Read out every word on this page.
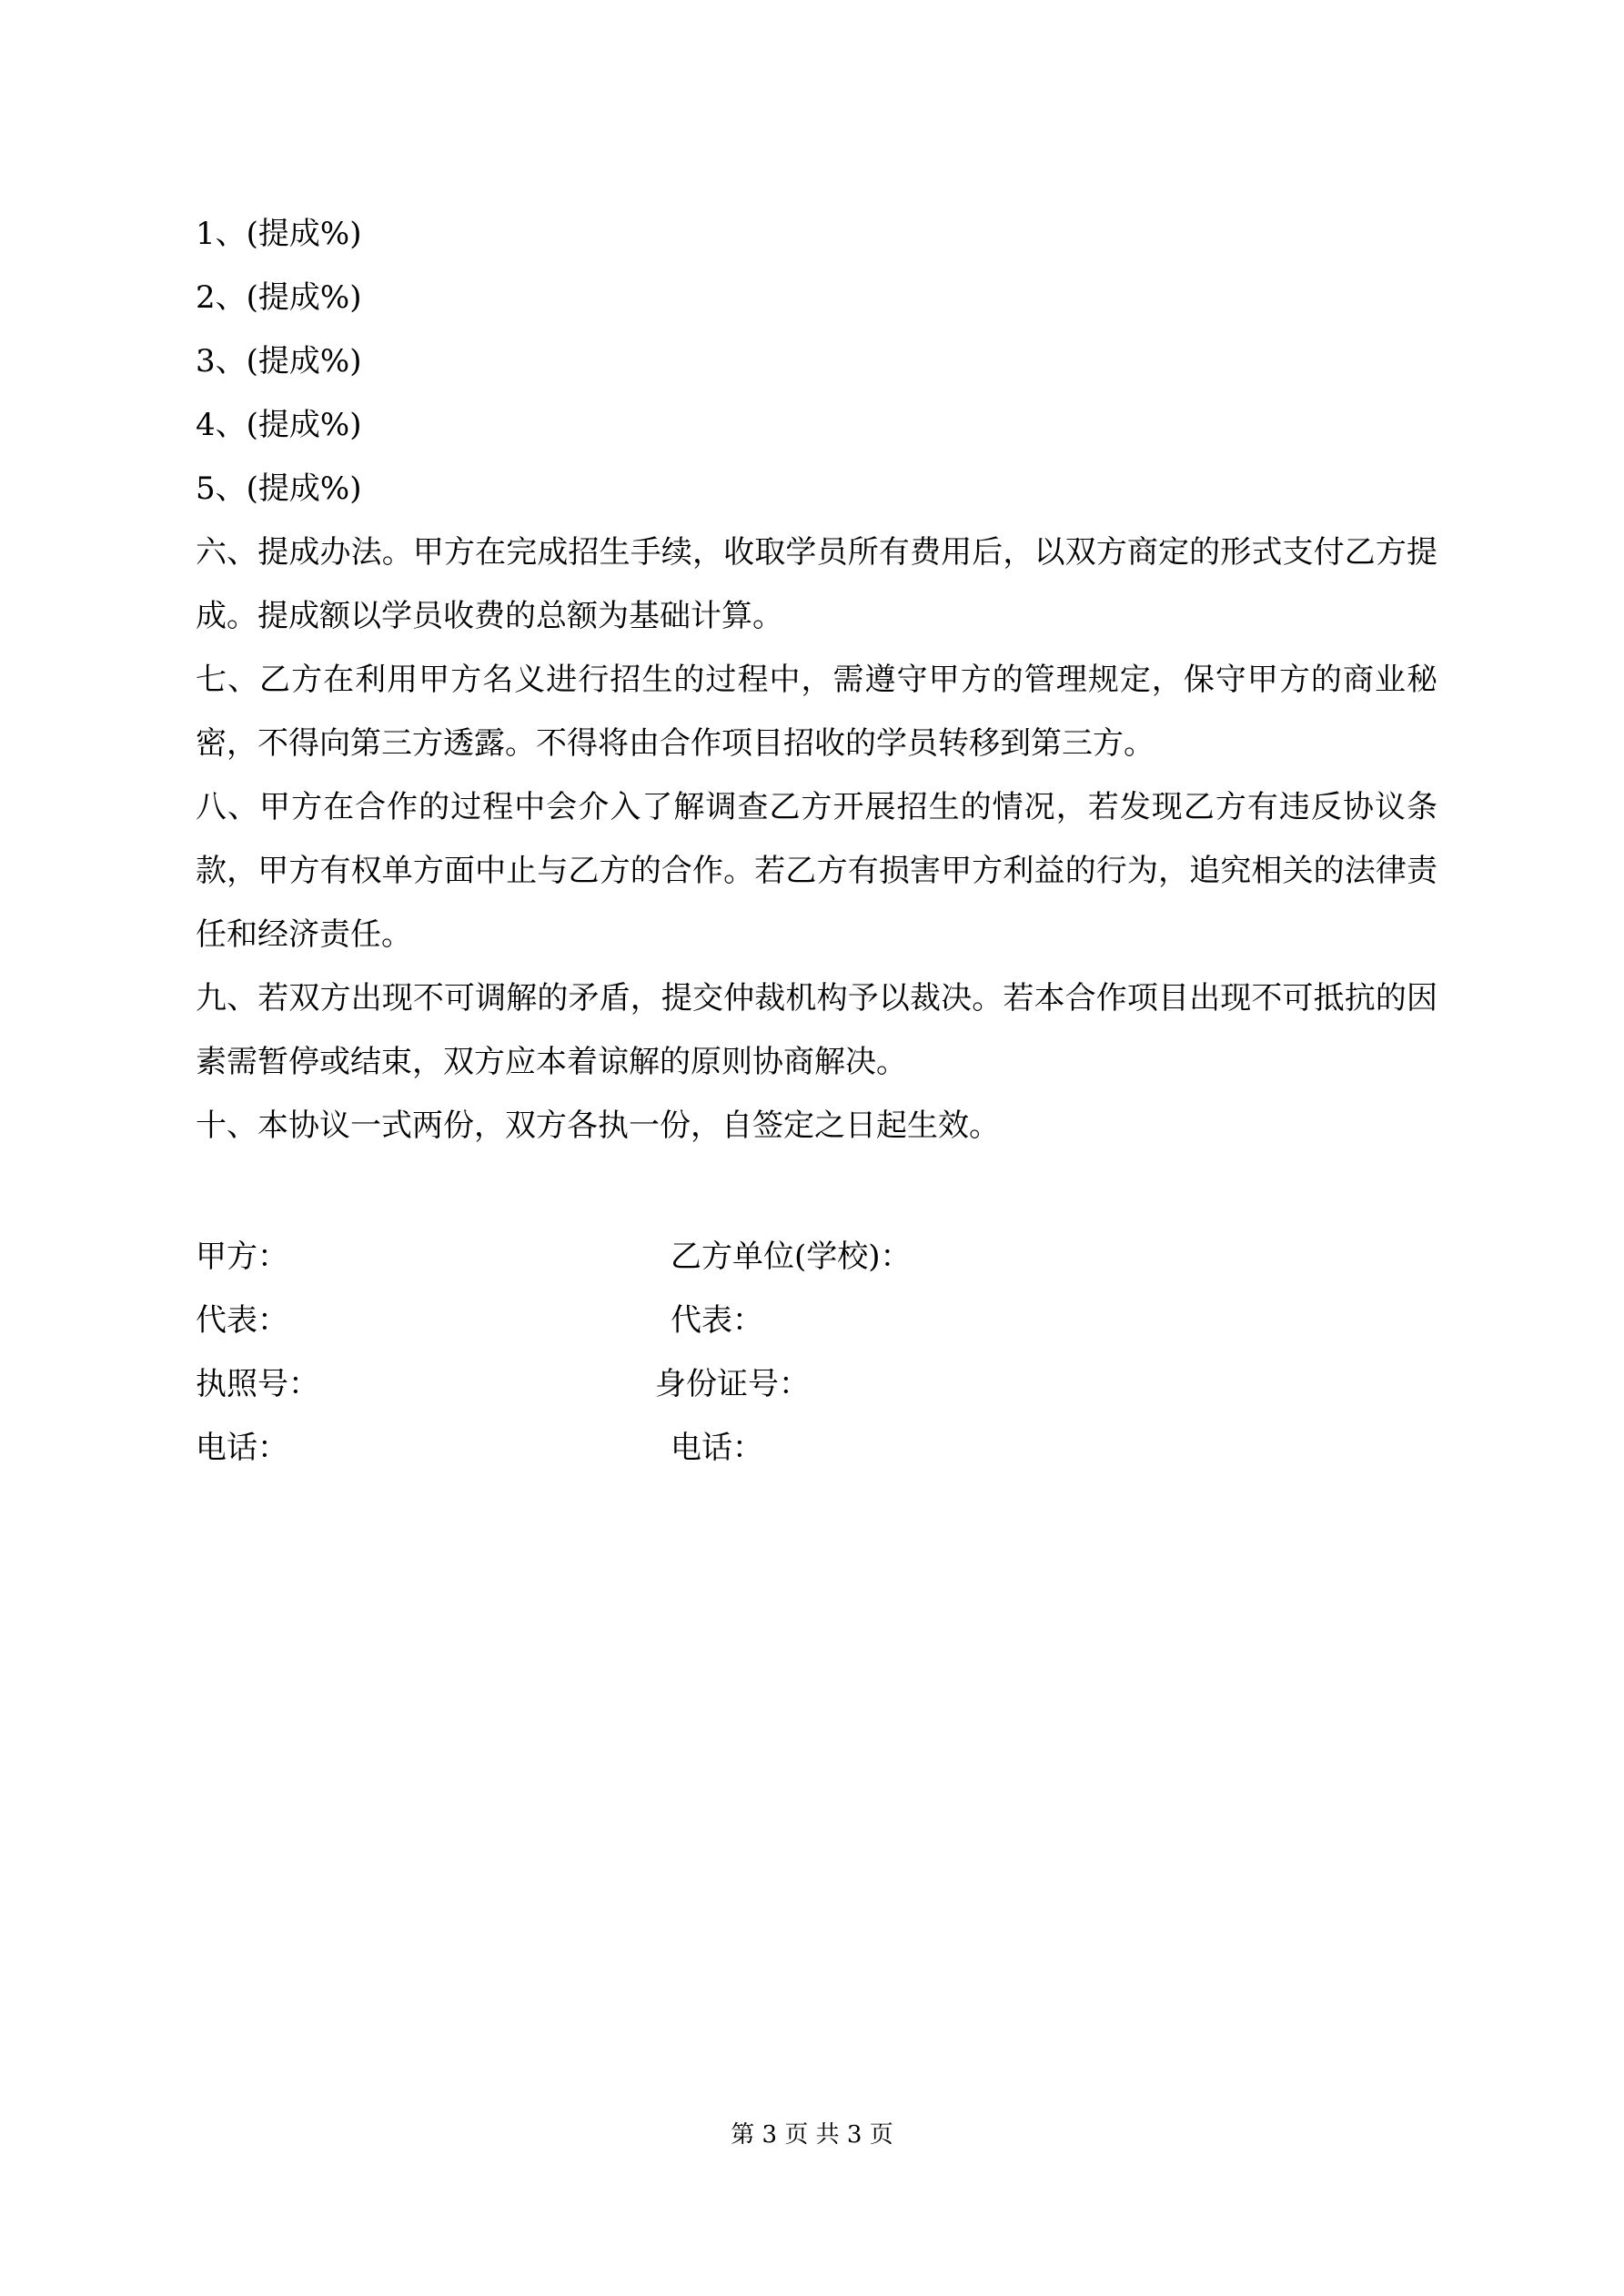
1、(提成%)
2、(提成%)
3、(提成%)
4、(提成%)
5、(提成%)
六、提成办法。甲方在完成招生手续，收取学员所有费用后，以双方商定的形式支付乙方提成。提成额以学员收费的总额为基础计算。
七、乙方在利用甲方名义进行招生的过程中，需遵守甲方的管理规定，保守甲方的商业秘密，不得向第三方透露。不得将由合作项目招收的学员转移到第三方。
八、甲方在合作的过程中会介入了解调查乙方开展招生的情况，若发现乙方有违反协议条款，甲方有权单方面中止与乙方的合作。若乙方有损害甲方利益的行为，追究相关的法律责任和经济责任。
九、若双方出现不可调解的矛盾，提交仲裁机构予以裁决。若本合作项目出现不可抵抗的因素需暂停或结束，双方应本着谅解的原则协商解决。
十、本协议一式两份，双方各执一份，自签定之日起生效。
甲方：	乙方单位(学校)：
代表：	代表：
执照号：	身份证号：
电话：	电话：
第 3 页 共 3 页
